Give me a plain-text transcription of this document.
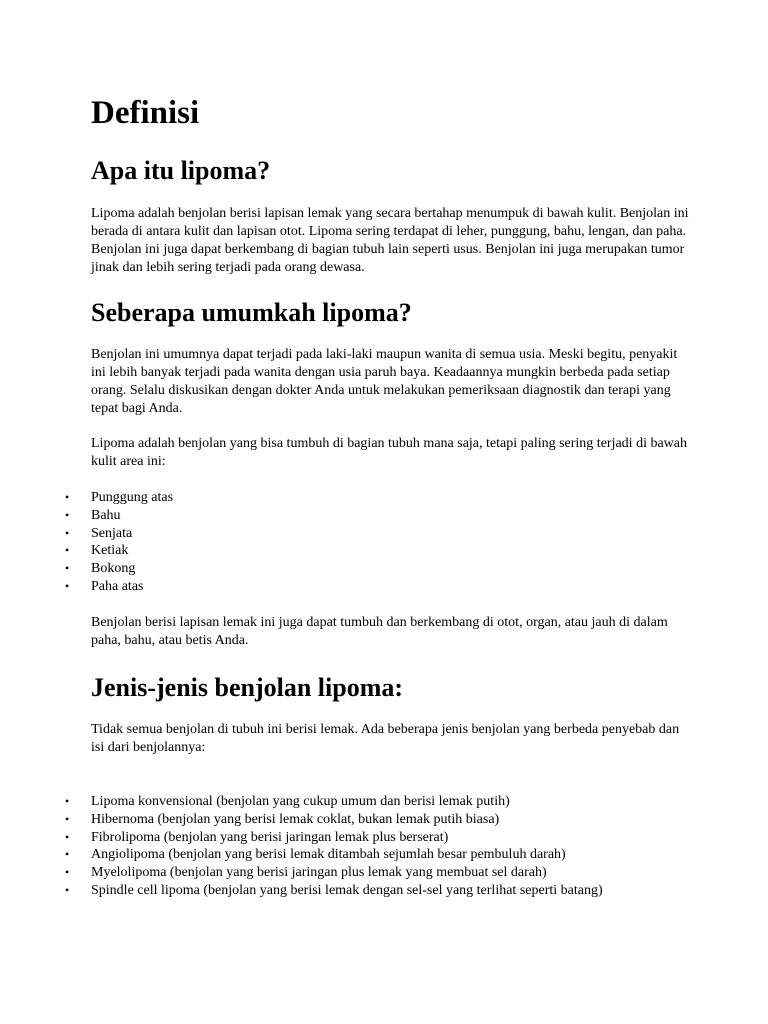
Definisi
Apa itu lipoma?

Lipoma adalah benjolan berisi lapisan lemak yang secara bertahap menumpuk di bawah kulit. Benjolan ini berada di antara kulit dan lapisan otot. Lipoma sering terdapat di leher, punggung, bahu, lengan, dan paha. Benjolan ini juga dapat berkembang di bagian tubuh lain seperti usus. Benjolan ini juga merupakan tumor jinak dan lebih sering terjadi pada orang dewasa.

Seberapa umumkah lipoma?

Benjolan ini umumnya dapat terjadi pada laki-laki maupun wanita di semua usia. Meski begitu, penyakit ini lebih banyak terjadi pada wanita dengan usia paruh baya. Keadaannya mungkin berbeda pada setiap orang. Selalu diskusikan dengan dokter Anda untuk melakukan pemeriksaan diagnostik dan terapi yang tepat bagi Anda.

Lipoma adalah benjolan yang bisa tumbuh di bagian tubuh mana saja, tetapi paling sering terjadi di bawah kulit area ini:

• Punggung atas
• Bahu
• Senjata
• Ketiak
• Bokong
• Paha atas

Benjolan berisi lapisan lemak ini juga dapat tumbuh dan berkembang di otot, organ, atau jauh di dalam paha, bahu, atau betis Anda.

Jenis-jenis benjolan lipoma:

Tidak semua benjolan di tubuh ini berisi lemak. Ada beberapa jenis benjolan yang berbeda penyebab dan isi dari benjolannya:

• Lipoma konvensional (benjolan yang cukup umum dan berisi lemak putih)
• Hibernoma (benjolan yang berisi lemak coklat, bukan lemak putih biasa)
• Fibrolipoma (benjolan yang berisi jaringan lemak plus berserat)
• Angiolipoma (benjolan yang berisi lemak ditambah sejumlah besar pembuluh darah)
• Myelolipoma (benjolan yang berisi jaringan plus lemak yang membuat sel darah)
• Spindle cell lipoma (benjolan yang berisi lemak dengan sel-sel yang terlihat seperti batang)
